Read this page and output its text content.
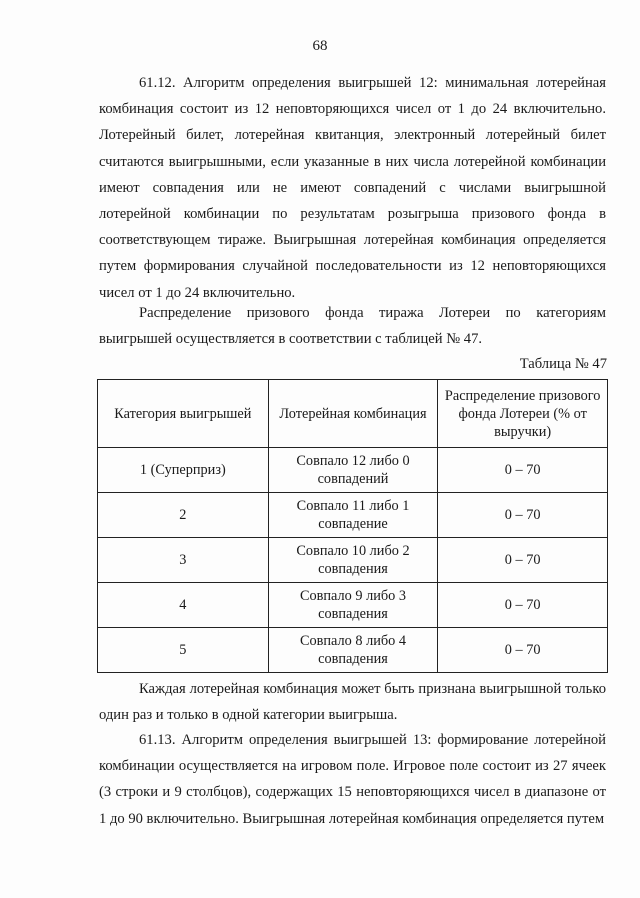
68

61.12. Алгоритм определения выигрышей 12: минимальная лотерейная комбинация состоит из 12 неповторяющихся чисел от 1 до 24 включительно. Лотерейный билет, лотерейная квитанция, электронный лотерейный билет считаются выигрышными, если указанные в них числа лотерейной комбинации имеют совпадения или не имеют совпадений с числами выигрышной лотерейной комбинации по результатам розыгрыша призового фонда в соответствующем тираже. Выигрышная лотерейная комбинация определяется путем формирования случайной последовательности из 12 неповторяющихся чисел от 1 до 24 включительно.

Распределение призового фонда тиража Лотереи по категориям выигрышей осуществляется в соответствии с таблицей № 47.

Таблица № 47
Категория выигрышей	Лотерейная комбинация	Распределение призового фонда Лотереи (% от выручки)
1 (Суперприз)	Совпало 12 либо 0 совпадений	0 – 70
2	Совпало 11 либо 1 совпадение	0 – 70
3	Совпало 10 либо 2 совпадения	0 – 70
4	Совпало 9 либо 3 совпадения	0 – 70
5	Совпало 8 либо 4 совпадения	0 – 70

Каждая лотерейная комбинация может быть признана выигрышной только один раз и только в одной категории выигрыша.

61.13. Алгоритм определения выигрышей 13: формирование лотерейной комбинации осуществляется на игровом поле. Игровое поле состоит из 27 ячеек (3 строки и 9 столбцов), содержащих 15 неповторяющихся чисел в диапазоне от 1 до 90 включительно. Выигрышная лотерейная комбинация определяется путем
